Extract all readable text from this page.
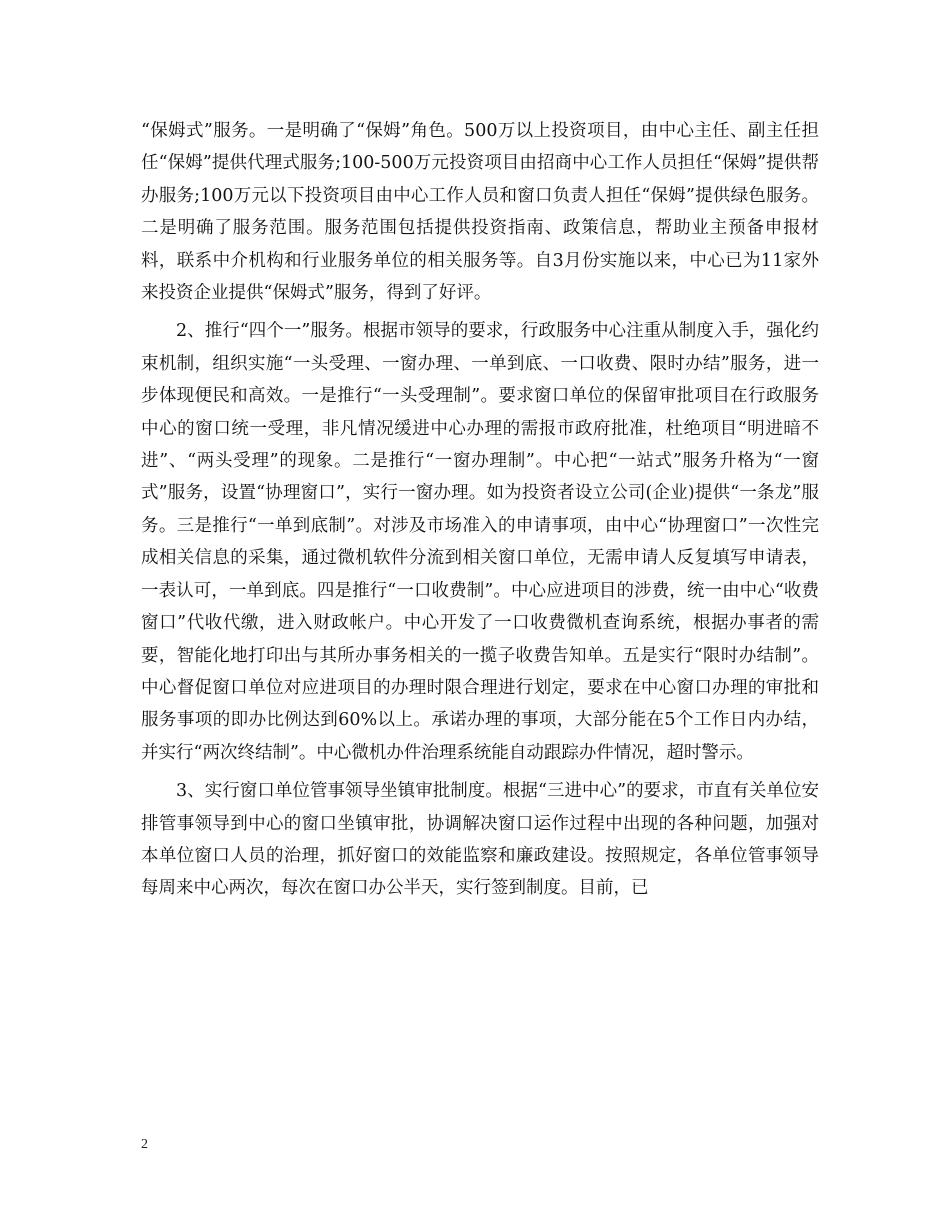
“保姆式”服务。一是明确了“保姆”角色。500万以上投资项目，由中心主任、副主任担任“保姆”提供代理式服务;100-500万元投资项目由招商中心工作人员担任“保姆”提供帮办服务;100万元以下投资项目由中心工作人员和窗口负责人担任“保姆”提供绿色服务。二是明确了服务范围。服务范围包括提供投资指南、政策信息，帮助业主预备申报材料，联系中介机构和行业服务单位的相关服务等。自3月份实施以来，中心已为11家外来投资企业提供“保姆式”服务，得到了好评。

2、推行“四个一”服务。根据市领导的要求，行政服务中心注重从制度入手，强化约束机制，组织实施“一头受理、一窗办理、一单到底、一口收费、限时办结”服务，进一步体现便民和高效。一是推行“一头受理制”。要求窗口单位的保留审批项目在行政服务中心的窗口统一受理，非凡情况缓进中心办理的需报市政府批准，杜绝项目“明进暗不进”、“两头受理”的现象。二是推行“一窗办理制”。中心把“一站式”服务升格为“一窗式”服务，设置“协理窗口”，实行一窗办理。如为投资者设立公司(企业)提供“一条龙”服务。三是推行“一单到底制”。对涉及市场准入的申请事项，由中心“协理窗口”一次性完成相关信息的采集，通过微机软件分流到相关窗口单位，无需申请人反复填写申请表，一表认可，一单到底。四是推行“一口收费制”。中心应进项目的涉费，统一由中心“收费窗口”代收代缴，进入财政帐户。中心开发了一口收费微机查询系统，根据办事者的需要，智能化地打印出与其所办事务相关的一揽子收费告知单。五是实行“限时办结制”。中心督促窗口单位对应进项目的办理时限合理进行划定，要求在中心窗口办理的审批和服务事项的即办比例达到60%以上。承诺办理的事项，大部分能在5个工作日内办结，并实行“两次终结制”。中心微机办件治理系统能自动跟踪办件情况，超时警示。

3、实行窗口单位管事领导坐镇审批制度。根据“三进中心”的要求，市直有关单位安排管事领导到中心的窗口坐镇审批，协调解决窗口运作过程中出现的各种问题，加强对本单位窗口人员的治理，抓好窗口的效能监察和廉政建设。按照规定，各单位管事领导每周来中心两次，每次在窗口办公半天，实行签到制度。目前，已

2
